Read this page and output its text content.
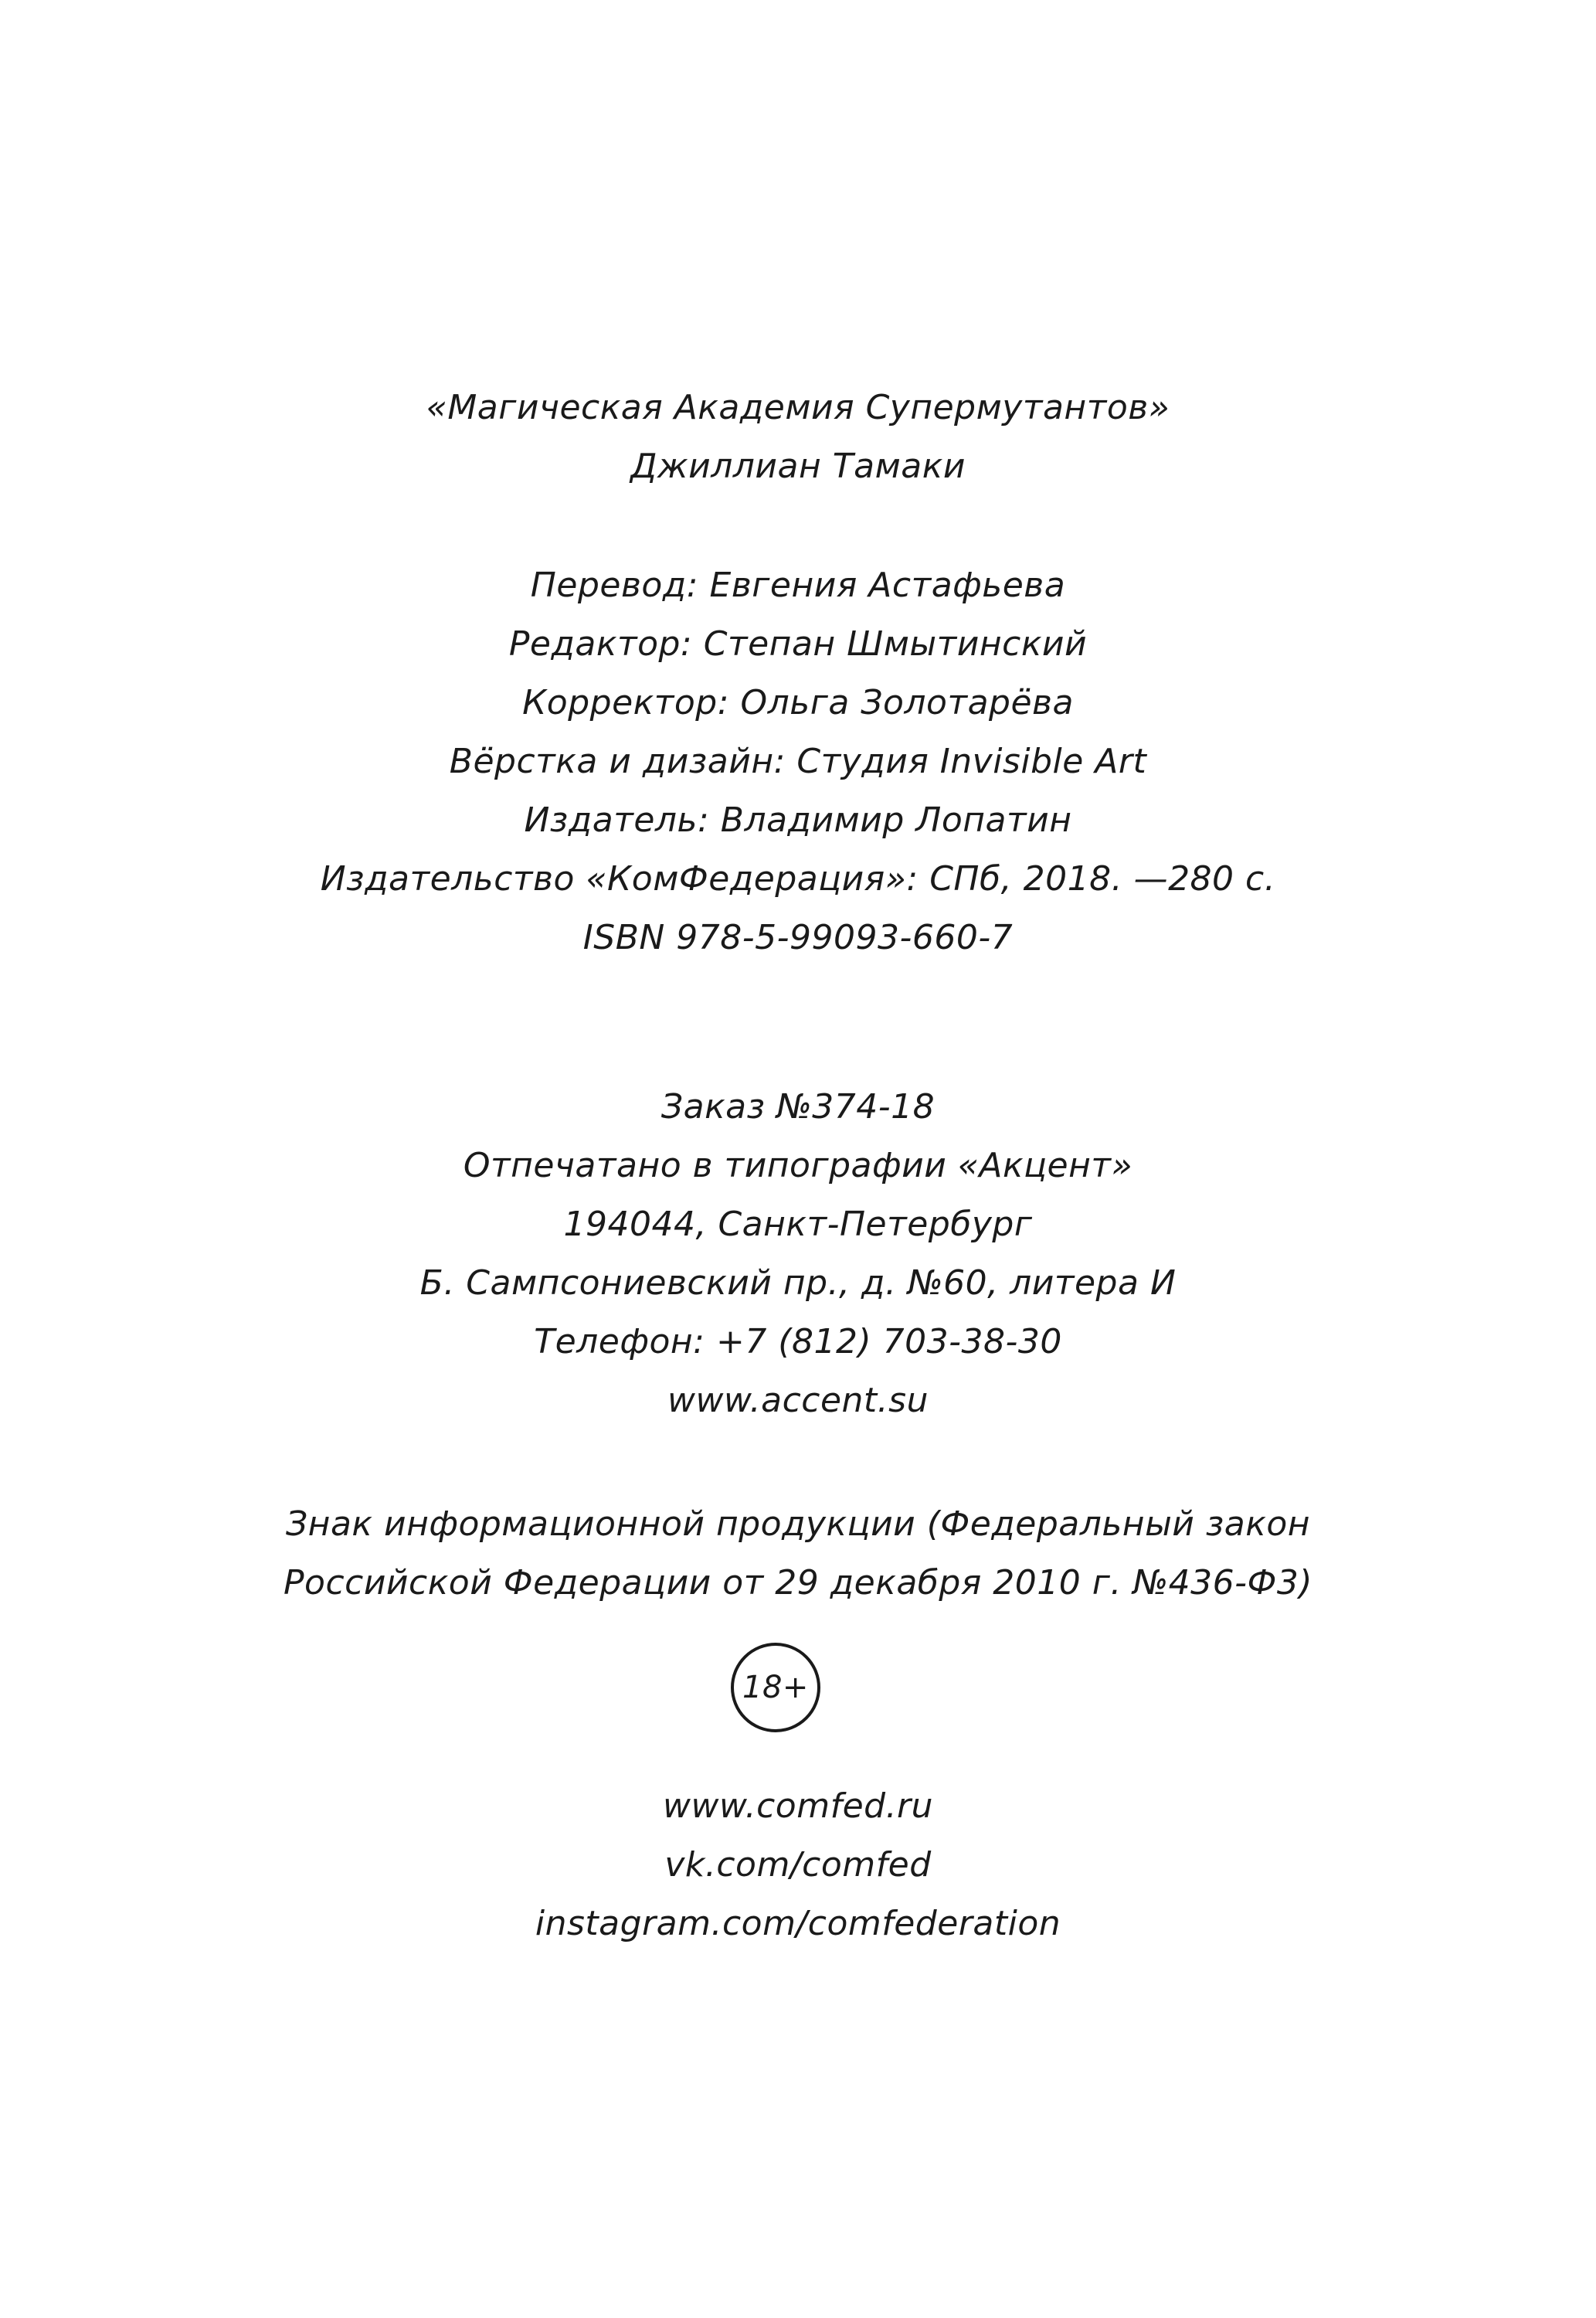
«Магическая Академия Супермутантов»
Джиллиан Тамаки
Перевод: Евгения Астафьева
Редактор: Степан Шмытинский
Корректор: Ольга Золотарёва
Вёрстка и дизайн: Студия Invisible Art
Издатель: Владимир Лопатин
Издательство «КомФедерация»: СПб, 2018. —280 с.
ISBN 978-5-99093-660-7
Заказ №374-18
Отпечатано в типографии «Акцент»
194044, Санкт-Петербург
Б. Сампсониевский пр., д. №60, литера И
Телефон: +7 (812) 703-38-30
www.accent.su
Знак информационной продукции (Федеральный закон
Российской Федерации от 29 декабря 2010 г. №436-Ф3)
18+
www.comfed.ru
vk.com/comfed
instagram.com/comfederation
